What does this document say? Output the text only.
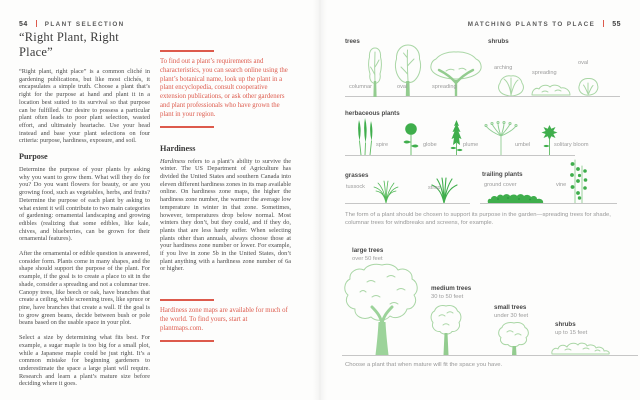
54	PLANT SELECTION
“Right Plant, Right Place”

“Right plant, right place” is a common cliché in gardening publications, but like most clichés, it encapsulates a simple truth. Choose a plant that’s right for the purpose at hand and plant it in a location best suited to its survival so that purpose can be fulfilled. Our desire to possess a particular plant often leads to poor plant selection, wasted effort, and ultimately heartache. Use your head instead and base your plant selections on four criteria: purpose, hardiness, exposure, and soil.

Purpose

Determine the purpose of your plants by asking why you want to grow them. What will they do for you? Do you want flowers for beauty, or are you growing food, such as vegetables, herbs, and fruits? Determine the purpose of each plant by asking to what extent it will contribute to two main categories of gardening: ornamental landscaping and growing edibles (realizing that some edibles, like kale, chives, and blueberries, can be grown for their ornamental features).

After the ornamental or edible question is answered, consider form. Plants come in many shapes, and the shape should support the purpose of the plant. For example, if the goal is to create a place to sit in the shade, consider a spreading and not a columnar tree. Canopy trees, like beech or oak, have branches that create a ceiling, while screening trees, like spruce or pine, have branches that create a wall. If the goal is to grow green beans, decide between bush or pole beans based on the usable space in your plot.

Select a size by determining what fits best. For example, a sugar maple is too big for a small plot, while a Japanese maple could be just right. It’s a common mistake for beginning gardeners to underestimate the space a large plant will require. Research and learn a plant’s mature size before deciding where it goes.

To find out a plant’s requirements and characteristics, you can search online using the plant’s botanical name, look up the plant in a plant encyclopedia, consult cooperative extension publications, or ask other gardeners and plant professionals who have grown the plant in your region.

Hardiness

Hardiness refers to a plant’s ability to survive the winter. The US Department of Agriculture has divided the United States and southern Canada into eleven different hardiness zones in its map available online. On hardiness zone maps, the higher the hardiness zone number, the warmer the average low temperature in winter in that zone. Sometimes, however, temperatures drop below normal. Most winters they don’t, but they could, and if they do, plants that are less hardy suffer. When selecting plants other than annuals, always choose those at your hardiness zone number or lower. For example, if you live in zone 5b in the United States, don’t plant anything with a hardiness zone number of 6a or higher.

Hardiness zone maps are available for much of the world. To find yours, start at plantmaps.com.

MATCHING PLANTS TO PLACE 55
trees
columnar	oval	spreading
shrubs
arching
spreading
oval
herbaceous plants
spire	globe	plume	umbel	solitary bloom
grasses
tussock	strap
trailing plants
ground cover	vine
The form of a plant should be chosen to support its purpose in the garden—spreading trees for shade, columnar trees for windbreaks and screens, for example.
large trees
over 50 feet
medium trees
30 to 50 feet
small trees
under 30 feet
shrubs
up to 15 feet
Choose a plant that when mature will fit the space you have.
